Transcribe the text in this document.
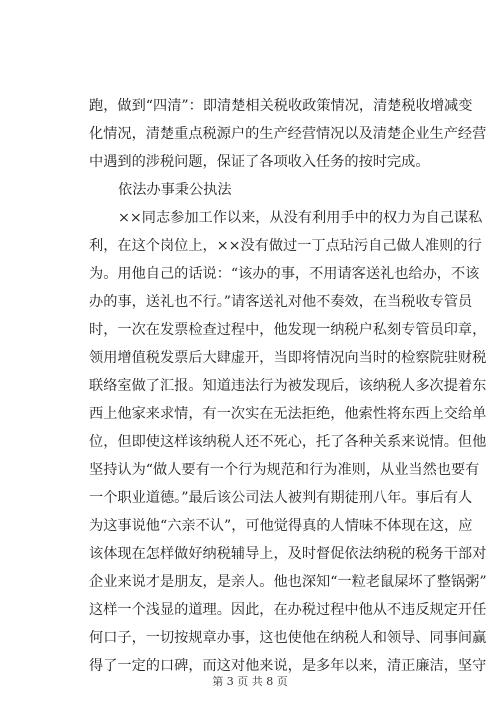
跑，做到“四清”：即清楚相关税收政策情况，清楚税收增减变
化情况，清楚重点税源户的生产经营情况以及清楚企业生产经营
中遇到的涉税问题，保证了各项收入任务的按时完成。
依法办事秉公执法
××同志参加工作以来，从没有利用手中的权力为自己谋私
利，在这个岗位上，××没有做过一丁点玷污自己做人准则的行
为。用他自己的话说：“该办的事，不用请客送礼也给办，不该
办的事，送礼也不行。”请客送礼对他不奏效，在当税收专管员
时，一次在发票检查过程中，他发现一纳税户私刻专管员印章，
领用增值税发票后大肆虚开，当即将情况向当时的检察院驻财税
联络室做了汇报。知道违法行为被发现后，该纳税人多次提着东
西上他家来求情，有一次实在无法拒绝，他索性将东西上交给单
位，但即使这样该纳税人还不死心，托了各种关系来说情。但他
坚持认为“做人要有一个行为规范和行为准则，从业当然也要有
一个职业道德。”最后该公司法人被判有期徒刑八年。事后有人
为这事说他“六亲不认”，可他觉得真的人情味不体现在这，应
该体现在怎样做好纳税辅导上，及时督促依法纳税的税务干部对
企业来说才是朋友，是亲人。他也深知“一粒老鼠屎坏了整锅粥”
这样一个浅显的道理。因此，在办税过程中他从不违反规定开任
何口子，一切按规章办事，这也使他在纳税人和领导、同事间赢
得了一定的口碑，而这对他来说，是多年以来，清正廉洁，坚守
第 3 页 共 8 页
